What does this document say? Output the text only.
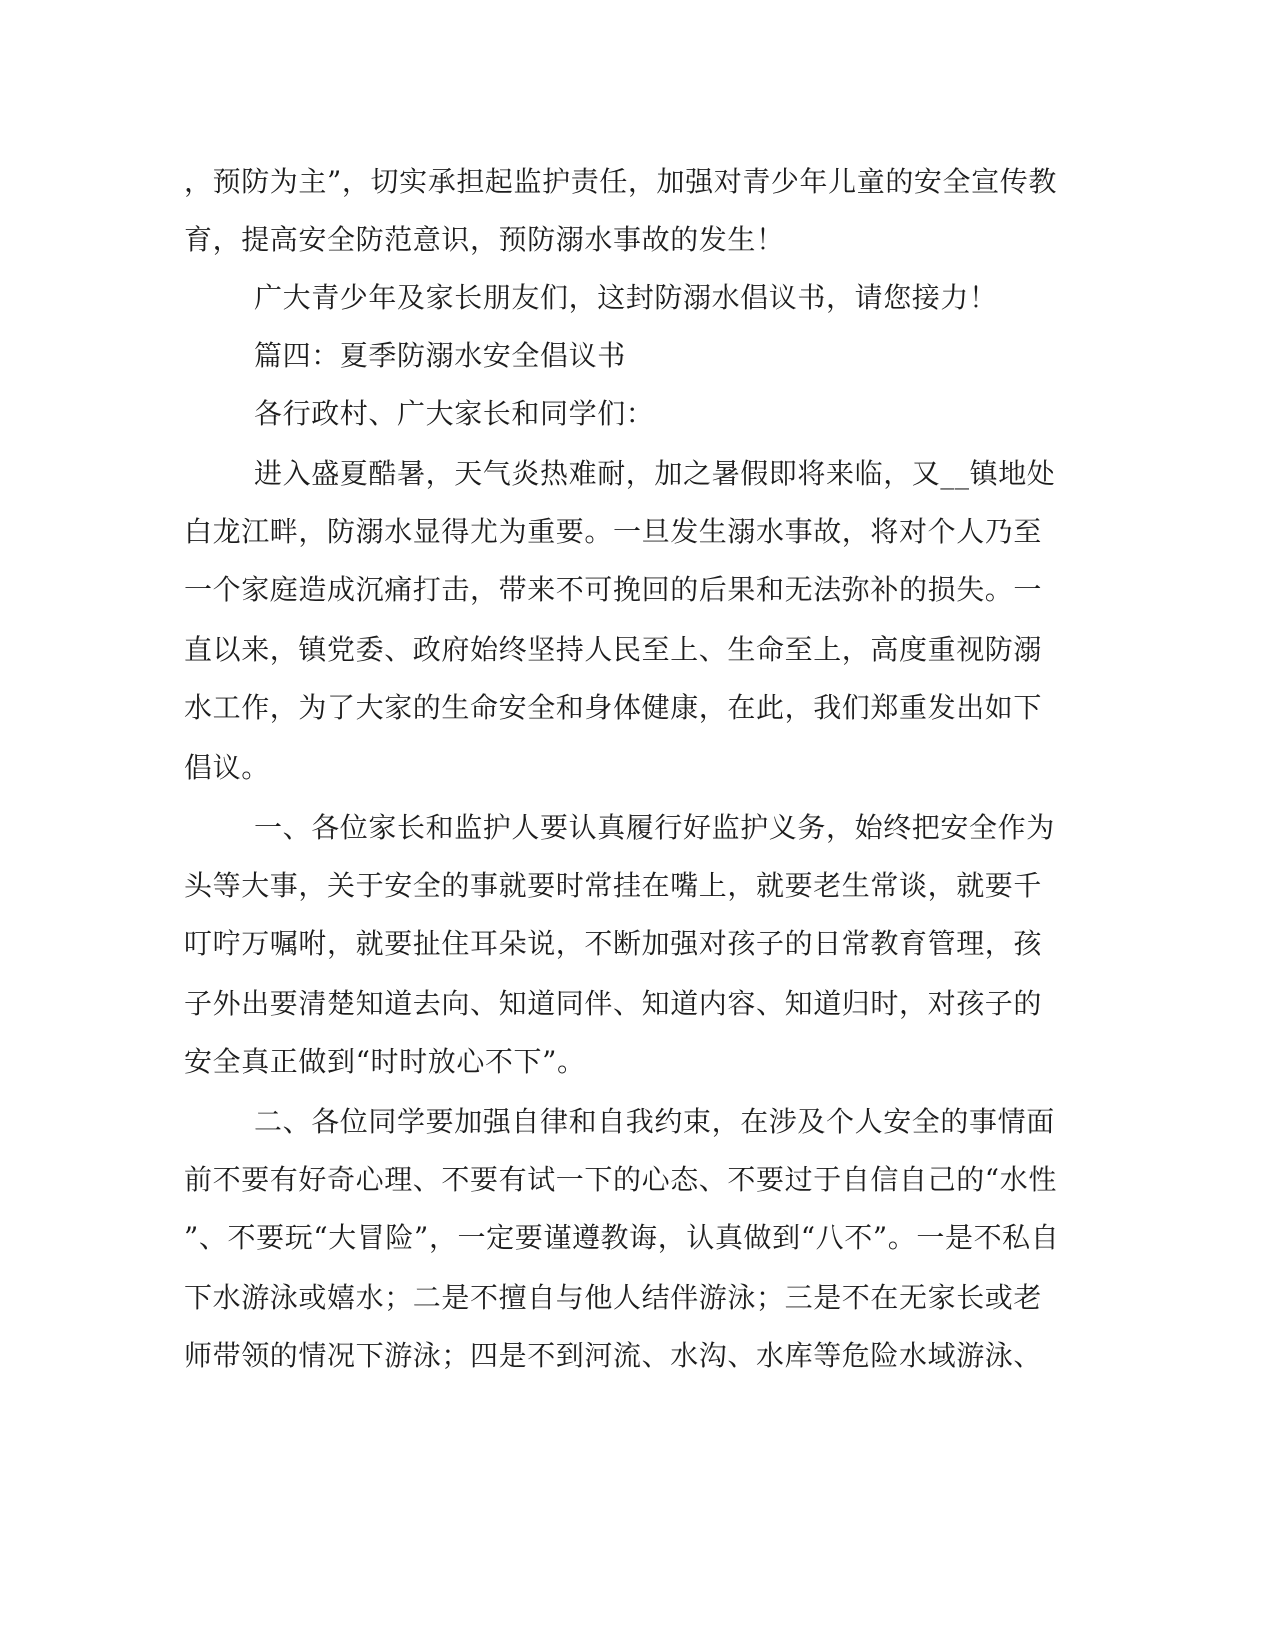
，预防为主”，切实承担起监护责任，加强对青少年儿童的安全宣传教
育，提高安全防范意识，预防溺水事故的发生！
广大青少年及家长朋友们，这封防溺水倡议书，请您接力！
篇四：夏季防溺水安全倡议书
各行政村、广大家长和同学们：
进入盛夏酷暑，天气炎热难耐，加之暑假即将来临，又__镇地处
白龙江畔，防溺水显得尤为重要。一旦发生溺水事故，将对个人乃至
一个家庭造成沉痛打击，带来不可挽回的后果和无法弥补的损失。一
直以来，镇党委、政府始终坚持人民至上、生命至上，高度重视防溺
水工作，为了大家的生命安全和身体健康，在此，我们郑重发出如下
倡议。
一、各位家长和监护人要认真履行好监护义务，始终把安全作为
头等大事，关于安全的事就要时常挂在嘴上，就要老生常谈，就要千
叮咛万嘱咐，就要扯住耳朵说，不断加强对孩子的日常教育管理，孩
子外出要清楚知道去向、知道同伴、知道内容、知道归时，对孩子的
安全真正做到“时时放心不下”。
二、各位同学要加强自律和自我约束，在涉及个人安全的事情面
前不要有好奇心理、不要有试一下的心态、不要过于自信自己的“水性
”、不要玩“大冒险”，一定要谨遵教诲，认真做到“八不”。一是不私自
下水游泳或嬉水；二是不擅自与他人结伴游泳；三是不在无家长或老
师带领的情况下游泳；四是不到河流、水沟、水库等危险水域游泳、
